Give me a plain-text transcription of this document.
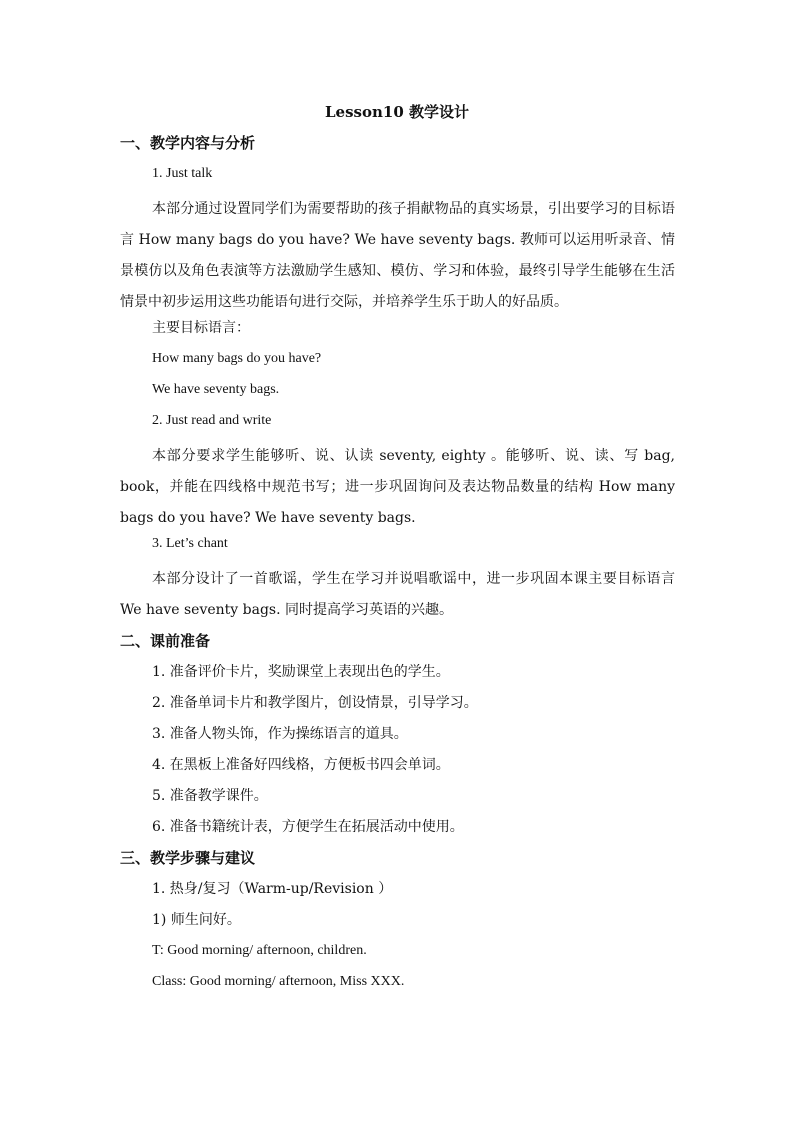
Lesson10 教学设计
一、教学内容与分析
1. Just talk
本部分通过设置同学们为需要帮助的孩子捐献物品的真实场景，引出要学习的目标语言 How many bags do you have? We have seventy bags. 教师可以运用听录音、情景模仿以及角色表演等方法激励学生感知、模仿、学习和体验，最终引导学生能够在生活情景中初步运用这些功能语句进行交际，并培养学生乐于助人的好品质。
主要目标语言：
How many bags do you have?
We have seventy bags.
2. Just read and write
本部分要求学生能够听、说、认读 seventy, eighty 。能够听、说、读、写 bag, book，并能在四线格中规范书写；进一步巩固询问及表达物品数量的结构 How many bags do you have? We have seventy bags.
3. Let’s chant
本部分设计了一首歌谣，学生在学习并说唱歌谣中，进一步巩固本课主要目标语言 We have seventy bags. 同时提高学习英语的兴趣。
二、课前准备
1. 准备评价卡片，奖励课堂上表现出色的学生。
2. 准备单词卡片和教学图片，创设情景，引导学习。
3. 准备人物头饰，作为操练语言的道具。
4. 在黑板上准备好四线格，方便板书四会单词。
5. 准备教学课件。
6. 准备书籍统计表，方便学生在拓展活动中使用。
三、教学步骤与建议
1. 热身/复习（Warm-up/Revision ）
1) 师生问好。
T: Good morning/ afternoon, children.
Class: Good morning/ afternoon, Miss XXX.
